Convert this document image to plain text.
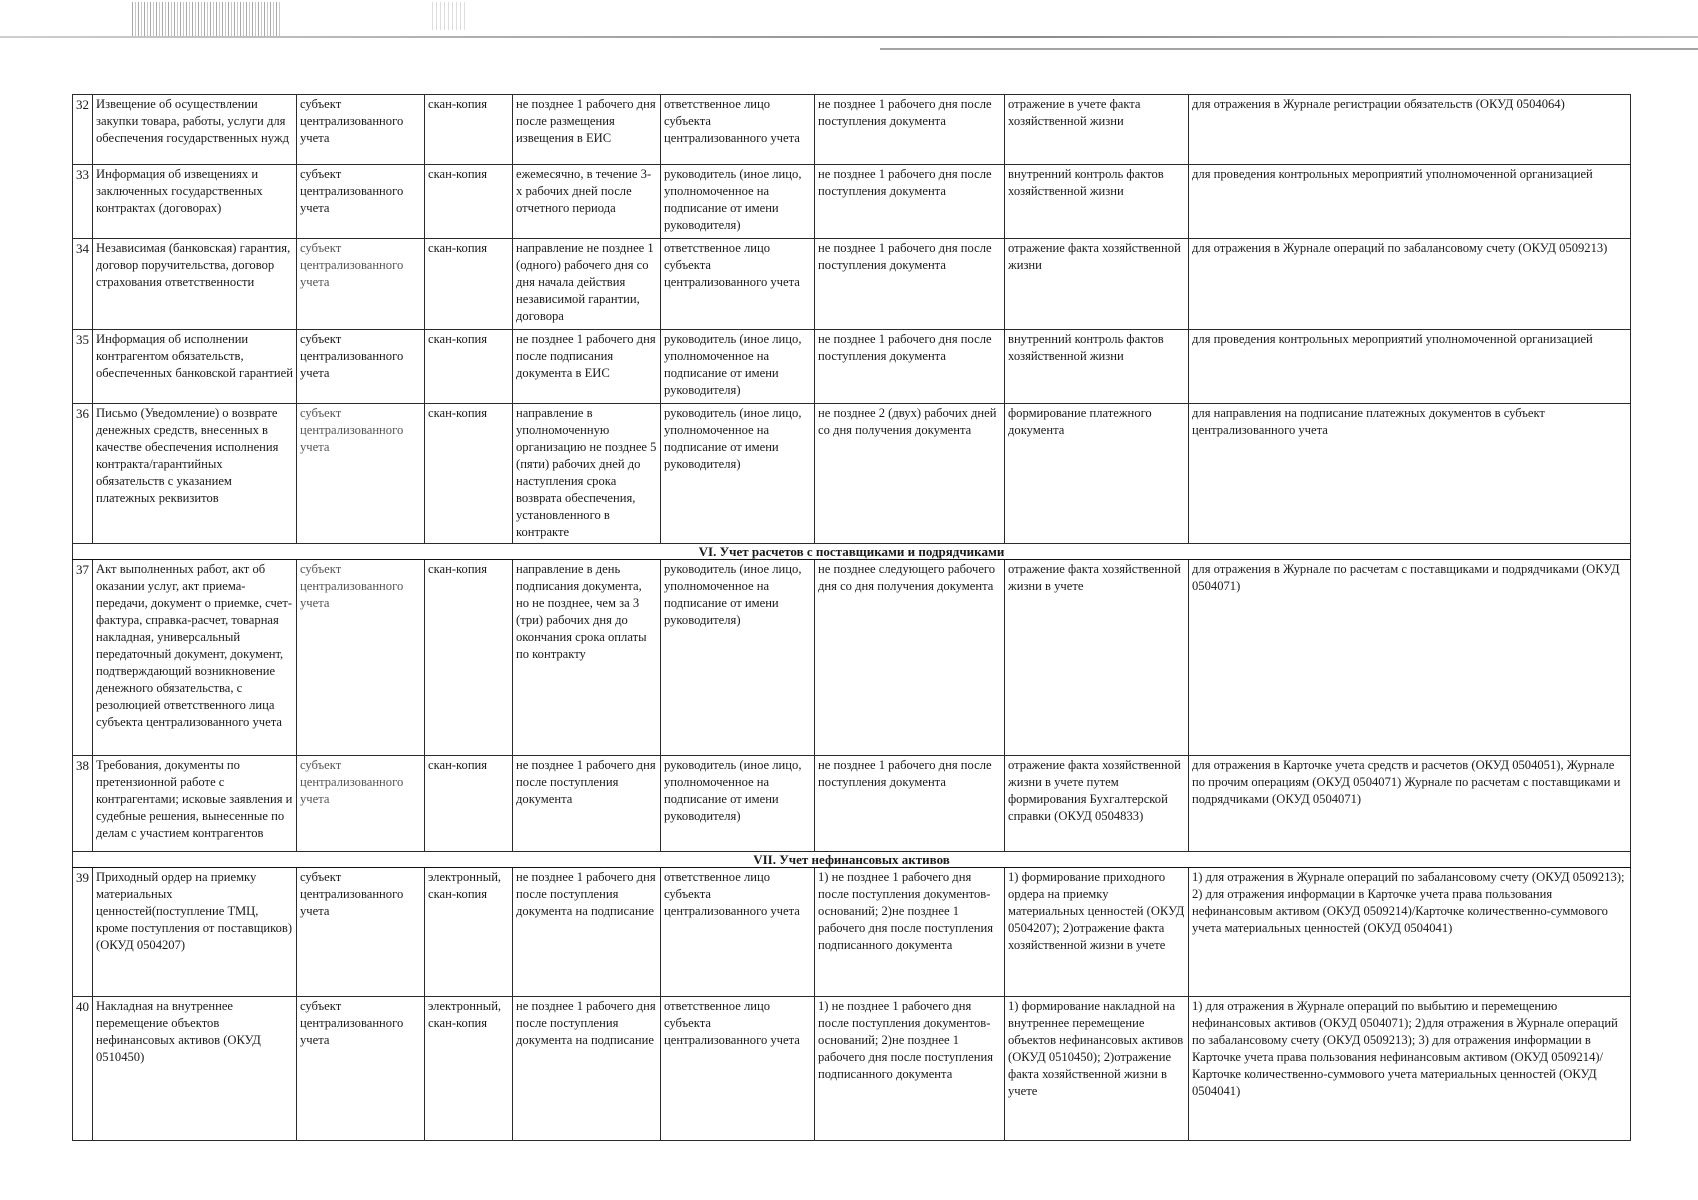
32	Извещение об осуществлении закупки товара, работы, услуги для обеспечения государственных нужд	субъект централизованного учета	скан-копия	не позднее 1 рабочего дня после размещения извещения в ЕИС	ответственное лицо субъекта централизованного учета	не позднее 1 рабочего дня после поступления документа	отражение в учете факта хозяйственной жизни	для отражения в Журнале регистрации обязательств (ОКУД 0504064)
33	Информация об извещениях и заключенных государственных контрактах (договорах)	субъект централизованного учета	скан-копия	ежемесячно, в течение 3-х рабочих дней после отчетного периода	руководитель (иное лицо, уполномоченное на подписание от имени руководителя)	не позднее 1 рабочего дня после поступления документа	внутренний контроль фактов хозяйственной жизни	для проведения контрольных мероприятий уполномоченной организацией
34	Независимая (банковская) гарантия, договор поручительства, договор страхования ответственности	субъект централизованного учета	скан-копия	направление не позднее 1 (одного) рабочего дня со дня начала действия независимой гарантии, договора	ответственное лицо субъекта централизованного учета	не позднее 1 рабочего дня после поступления документа	отражение факта хозяйственной жизни	для отражения в Журнале операций по забалансовому счету (ОКУД 0509213)
35	Информация об исполнении контрагентом обязательств, обеспеченных банковской гарантией	субъект централизованного учета	скан-копия	не позднее 1 рабочего дня после подписания документа в ЕИС	руководитель (иное лицо, уполномоченное на подписание от имени руководителя)	не позднее 1 рабочего дня после поступления документа	внутренний контроль фактов хозяйственной жизни	для проведения контрольных мероприятий уполномоченной организацией
36	Письмо (Уведомление) о возврате денежных средств, внесенных в качестве обеспечения исполнения контракта/гарантийных обязательств с указанием платежных реквизитов	субъект централизованного учета	скан-копия	направление в уполномоченную организацию не позднее 5 (пяти) рабочих дней до наступления срока возврата обеспечения, установленного в контракте	руководитель (иное лицо, уполномоченное на подписание от имени руководителя)	не позднее 2 (двух) рабочих дней со дня получения документа	формирование платежного документа	для направления на подписание платежных документов в субъект централизованного учета
VI. Учет расчетов с поставщиками и подрядчиками								
37	Акт выполненных работ, акт об оказании услуг, акт приема-передачи, документ о приемке, счет-фактура, справка-расчет, товарная накладная, универсальный передаточный документ, документ, подтверждающий возникновение денежного обязательства, с резолюцией ответственного лица субъекта централизованного учета	субъект централизованного учета	скан-копия	направление в день подписания документа, но не позднее, чем за 3 (три) рабочих дня до окончания срока оплаты по контракту	руководитель (иное лицо, уполномоченное на подписание от имени руководителя)	не позднее следующего рабочего дня со дня получения документа	отражение факта хозяйственной жизни в учете	для отражения в Журнале по расчетам с поставщиками и подрядчиками (ОКУД 0504071)
38	Требования, документы по претензионной работе с контрагентами; исковые заявления и судебные решения, вынесенные по делам с участием контрагентов	субъект централизованного учета	скан-копия	не позднее 1 рабочего дня после поступления документа	руководитель (иное лицо, уполномоченное на подписание от имени руководителя)	не позднее 1 рабочего дня после поступления документа	отражение факта хозяйственной жизни в учете путем формирования Бухгалтерской справки (ОКУД 0504833)	для отражения в Карточке учета средств и расчетов (ОКУД 0504051), Журнале по прочим операциям (ОКУД 0504071) Журнале по расчетам с поставщиками и подрядчиками (ОКУД 0504071)
VII. Учет нефинансовых активов								
39	Приходный ордер на приемку материальных ценностей(поступление ТМЦ, кроме поступления от поставщиков) (ОКУД 0504207)	субъект централизованного учета	электронный, скан-копия	не позднее 1 рабочего дня после поступления документа на подписание	ответственное лицо субъекта централизованного учета	1) не позднее 1 рабочего дня после поступления документов-оснований; 2)не позднее 1 рабочего дня после поступления подписанного документа	1) формирование приходного ордера на приемку материальных ценностей (ОКУД 0504207); 2)отражение факта хозяйственной жизни в учете	1) для отражения в Журнале операций по забалансовому счету (ОКУД 0509213); 2) для отражения информации в Карточке учета права пользования нефинансовым активом (ОКУД 0509214)/Карточке количественно-суммового учета материальных ценностей (ОКУД 0504041)
40	Накладная на внутреннее перемещение объектов нефинансовых активов (ОКУД 0510450)	субъект централизованного учета	электронный, скан-копия	не позднее 1 рабочего дня после поступления документа на подписание	ответственное лицо субъекта централизованного учета	1) не позднее 1 рабочего дня после поступления документов-оснований; 2)не позднее 1 рабочего дня после поступления подписанного документа	1) формирование накладной на внутреннее перемещение объектов нефинансовых активов (ОКУД 0510450); 2)отражение факта хозяйственной жизни в учете	1) для отражения в Журнале операций по выбытию и перемещению нефинансовых активов (ОКУД 0504071); 2)для отражения в Журнале операций по забалансовому счету (ОКУД 0509213); 3) для отражения информации в Карточке учета права пользования нефинансовым активом (ОКУД 0509214)/Карточке количественно-суммового учета материальных ценностей (ОКУД 0504041)
